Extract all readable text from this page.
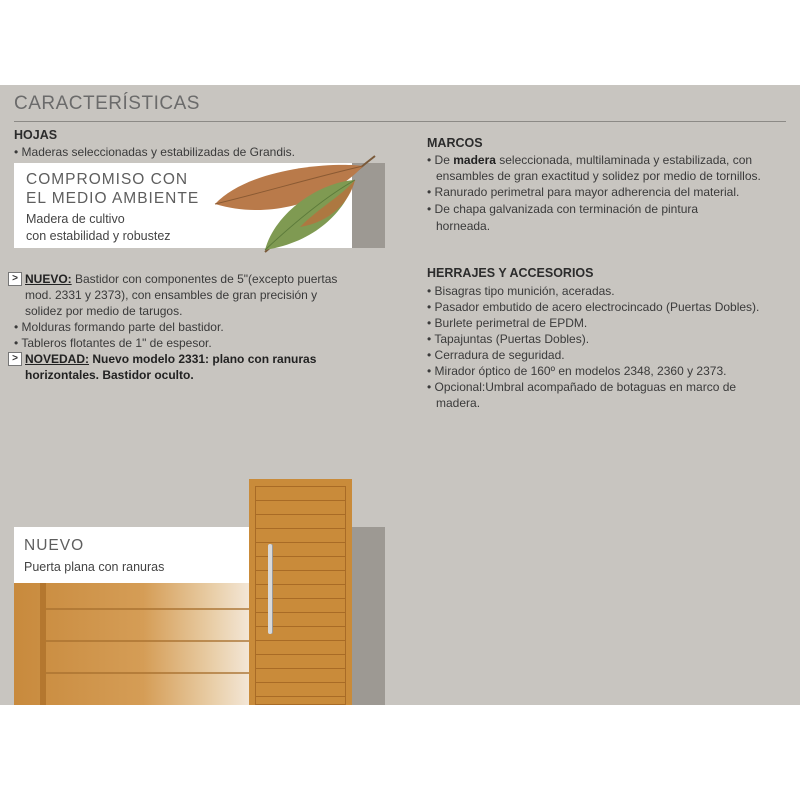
CARACTERÍSTICAS
HOJAS
• Maderas seleccionadas y estabilizadas de Grandis.
COMPROMISO CON
EL MEDIO AMBIENTE
Madera de cultivo
con estabilidad y robustez
> NUEVO: Bastidor con componentes de 5"(excepto puertas
mod. 2331 y 2373), con ensambles de gran precisión y
solidez por medio de tarugos.
• Molduras formando parte del bastidor.
• Tableros flotantes de 1" de espesor.
> NOVEDAD: Nuevo modelo 2331: plano con ranuras
horizontales. Bastidor oculto.
MARCOS
• De madera seleccionada, multilaminada y estabilizada, con
ensambles de gran exactitud y solidez por medio de tornillos.
• Ranurado perimetral para mayor adherencia del material.
• De chapa galvanizada con terminación de pintura
horneada.
HERRAJES Y ACCESORIOS
• Bisagras tipo munición, aceradas.
• Pasador embutido de acero electrocincado (Puertas Dobles).
• Burlete perimetral de EPDM.
• Tapajuntas (Puertas Dobles).
• Cerradura de seguridad.
• Mirador óptico de 160º en modelos 2348, 2360 y 2373.
• Opcional:Umbral acompañado de botaguas en marco de
madera.
NUEVO
Puerta plana con ranuras
